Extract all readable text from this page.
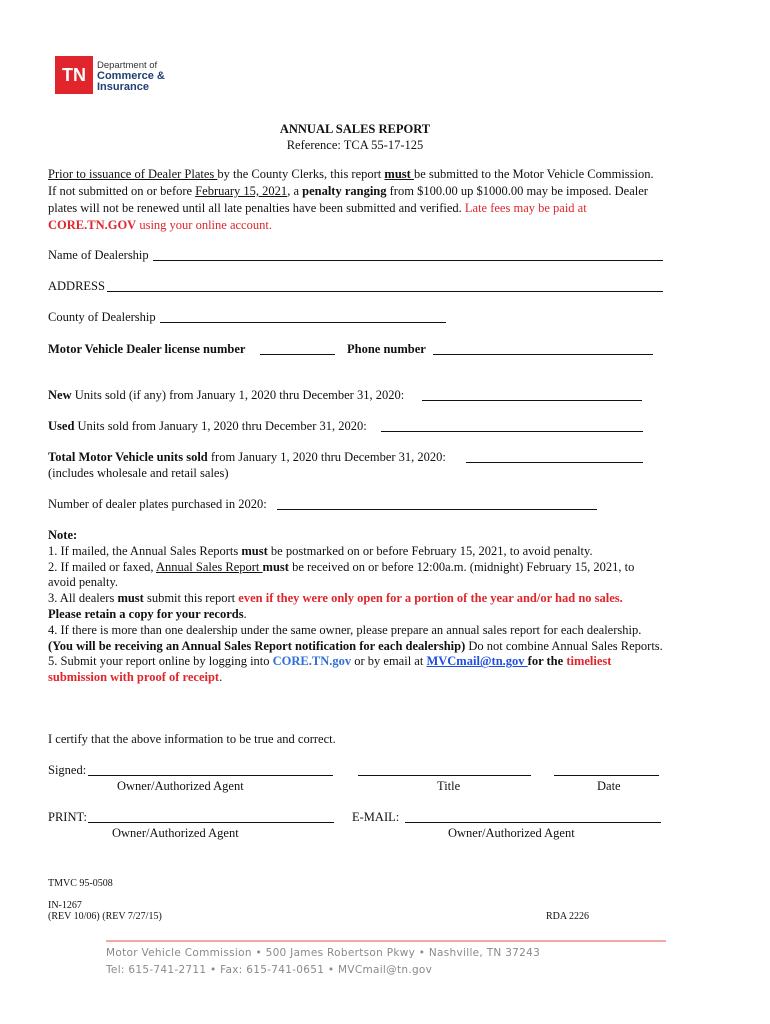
TN	Department of
Commerce &
Insurance
ANNUAL SALES REPORT
Reference: TCA 55-17-125
Prior to issuance of Dealer Plates by the County Clerks, this report must be submitted to the Motor Vehicle Commission. If not submitted on or before February 15, 2021, a penalty ranging from $100.00 up $1000.00 may be imposed. Dealer plates will not be renewed until all late penalties have been submitted and verified. Late fees may be paid at CORE.TN.GOV using your online account.
Name of Dealership
ADDRESS
County of Dealership
Motor Vehicle Dealer license number	Phone number
New Units sold (if any) from January 1, 2020 thru December 31, 2020:
Used Units sold from January 1, 2020 thru December 31, 2020:
Total Motor Vehicle units sold from January 1, 2020 thru December 31, 2020:
(includes wholesale and retail sales)
Number of dealer plates purchased in 2020:
Note:
1. If mailed, the Annual Sales Reports must be postmarked on or before February 15, 2021, to avoid penalty.
2. If mailed or faxed, Annual Sales Report must be received on or before 12:00a.m. (midnight) February 15, 2021, to avoid penalty.
3. All dealers must submit this report even if they were only open for a portion of the year and/or had no sales.
Please retain a copy for your records.
4. If there is more than one dealership under the same owner, please prepare an annual sales report for each dealership.
(You will be receiving an Annual Sales Report notification for each dealership) Do not combine Annual Sales Reports.
5. Submit your report online by logging into CORE.TN.gov or by email at MVCmail@tn.gov for the timeliest submission with proof of receipt.
I certify that the above information to be true and correct.
Signed:
Owner/Authorized Agent	Title	Date
PRINT:	E-MAIL:
Owner/Authorized Agent	Owner/Authorized Agent
TMVC 95-0508
IN-1267
(REV 10/06) (REV 7/27/15)	RDA 2226
Motor Vehicle Commission • 500 James Robertson Pkwy • Nashville, TN 37243
Tel: 615-741-2711 • Fax: 615-741-0651 • MVCmail@tn.gov
